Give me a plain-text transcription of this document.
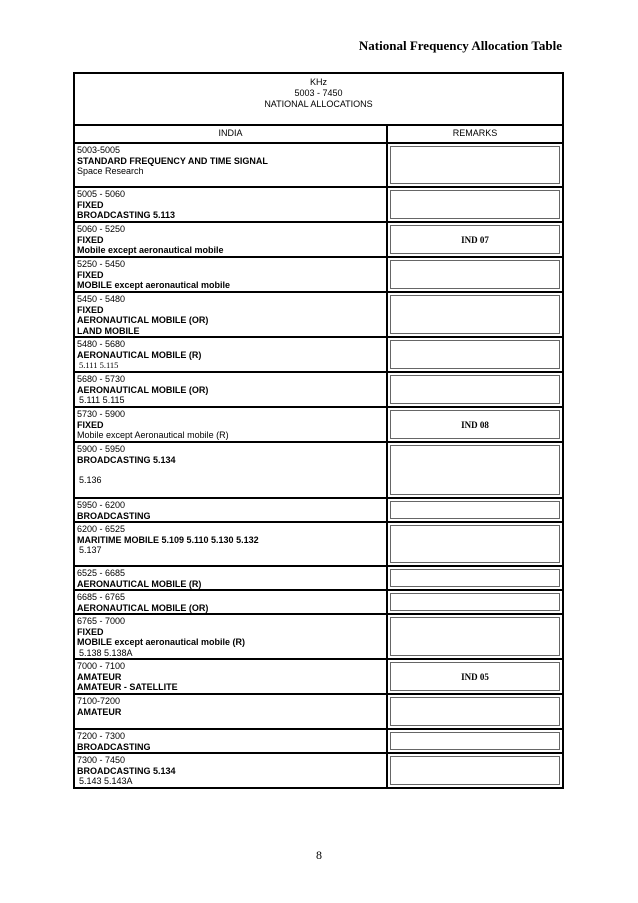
National Frequency Allocation Table
KHz
5003 - 7450
NATIONAL ALLOCATIONS
INDIA	REMARKS
5003-5005
STANDARD FREQUENCY AND TIME SIGNAL
Space Research
5005 - 5060
FIXED
BROADCASTING 5.113
5060 - 5250
FIXED
Mobile except aeronautical mobile
IND 07
5250 - 5450
FIXED
MOBILE except aeronautical mobile
5450 - 5480
FIXED
AERONAUTICAL MOBILE (OR)
LAND MOBILE
5480 - 5680
AERONAUTICAL MOBILE (R)
5.111 5.115
5680 - 5730
AERONAUTICAL MOBILE (OR)
5.111 5.115
5730 - 5900
FIXED
Mobile except Aeronautical mobile (R)
IND 08
5900 - 5950
BROADCASTING 5.134
5.136
5950 - 6200
BROADCASTING
6200 - 6525
MARITIME MOBILE 5.109 5.110 5.130 5.132
5.137
6525 - 6685
AERONAUTICAL MOBILE (R)
6685 - 6765
AERONAUTICAL MOBILE (OR)
6765 - 7000
FIXED
MOBILE except aeronautical mobile (R)
5.138 5.138A
7000 - 7100
AMATEUR
AMATEUR - SATELLITE
IND 05
7100-7200
AMATEUR
7200 - 7300
BROADCASTING
7300 - 7450
BROADCASTING 5.134
5.143 5.143A
8
